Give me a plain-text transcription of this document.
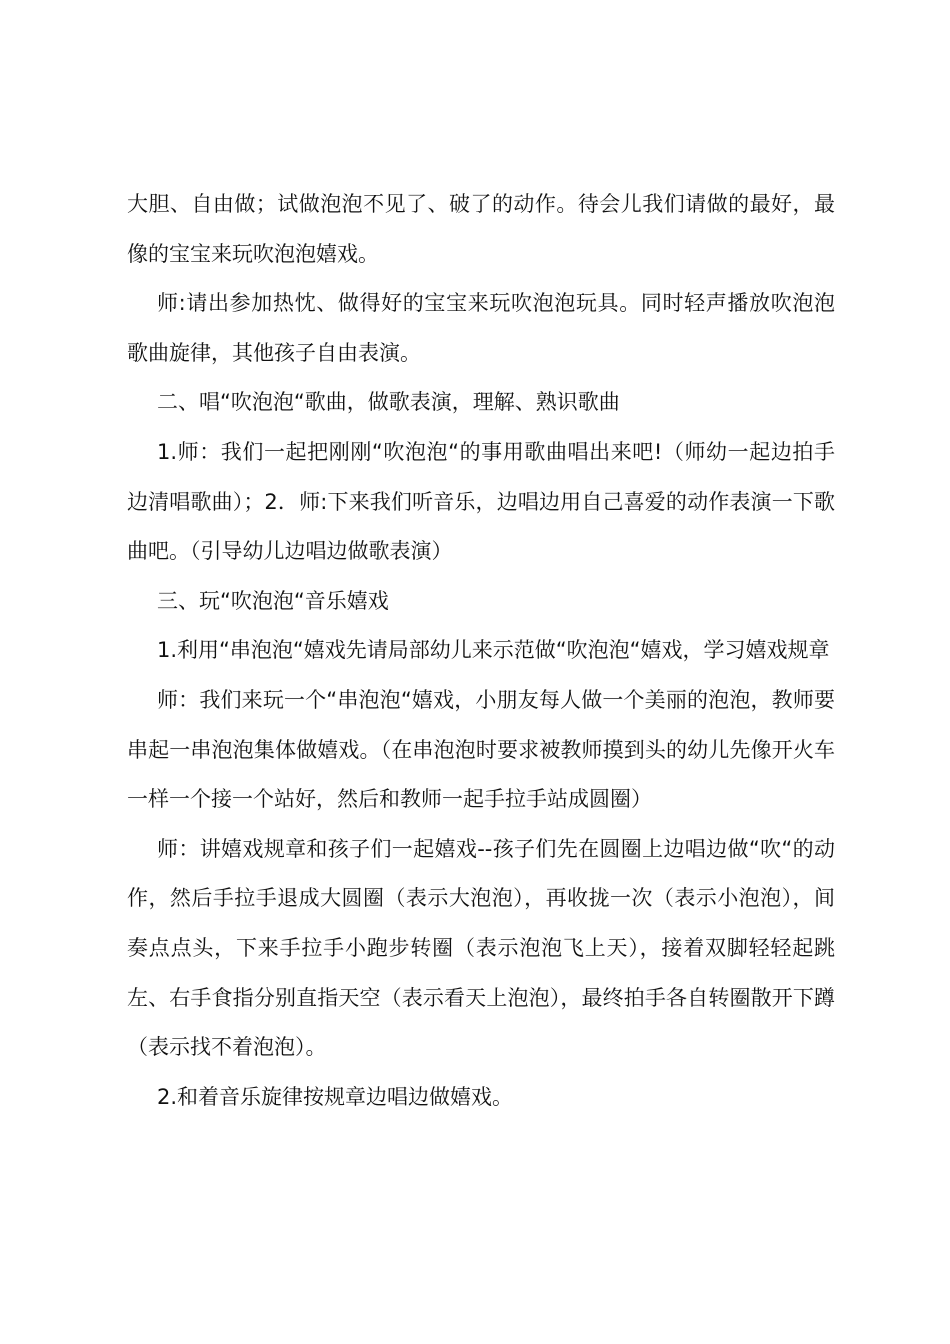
大胆、自由做；试做泡泡不见了、破了的动作。待会儿我们请做的最好，最像的宝宝来玩吹泡泡嬉戏。

师:请出参加热忱、做得好的宝宝来玩吹泡泡玩具。同时轻声播放吹泡泡歌曲旋律，其他孩子自由表演。

二、唱“吹泡泡“歌曲，做歌表演，理解、熟识歌曲

1.师：我们一起把刚刚“吹泡泡“的事用歌曲唱出来吧!（师幼一起边拍手边清唱歌曲）；2．师:下来我们听音乐，边唱边用自己喜爱的动作表演一下歌曲吧。（引导幼儿边唱边做歌表演）

三、玩“吹泡泡“音乐嬉戏

1.利用“串泡泡“嬉戏先请局部幼儿来示范做“吹泡泡“嬉戏，学习嬉戏规章

师：我们来玩一个“串泡泡“嬉戏，小朋友每人做一个美丽的泡泡，教师要串起一串泡泡集体做嬉戏。（在串泡泡时要求被教师摸到头的幼儿先像开火车一样一个接一个站好，然后和教师一起手拉手站成圆圈）

师：讲嬉戏规章和孩子们一起嬉戏--孩子们先在圆圈上边唱边做“吹“的动作，然后手拉手退成大圆圈（表示大泡泡），再收拢一次（表示小泡泡），间奏点点头，下来手拉手小跑步转圈（表示泡泡飞上天），接着双脚轻轻起跳左、右手食指分别直指天空（表示看天上泡泡），最终拍手各自转圈散开下蹲（表示找不着泡泡）。

2.和着音乐旋律按规章边唱边做嬉戏。
